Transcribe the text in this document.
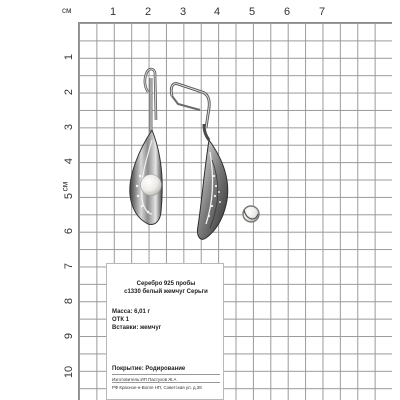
см
см
1	2	3	4	5	6	7
1
2
3
4
5
6
7
8
9
10
Серебро 925 пробы
с1330 белый жемчуг Серьги
Масса: 6,01 г
ОТК 1
Вставки: жемчуг
Покрытие: Родирование
Изготовитель:ИП Пастухов Ж.А
РФ Красное-н-Волге НП, Советская ул. д.38
